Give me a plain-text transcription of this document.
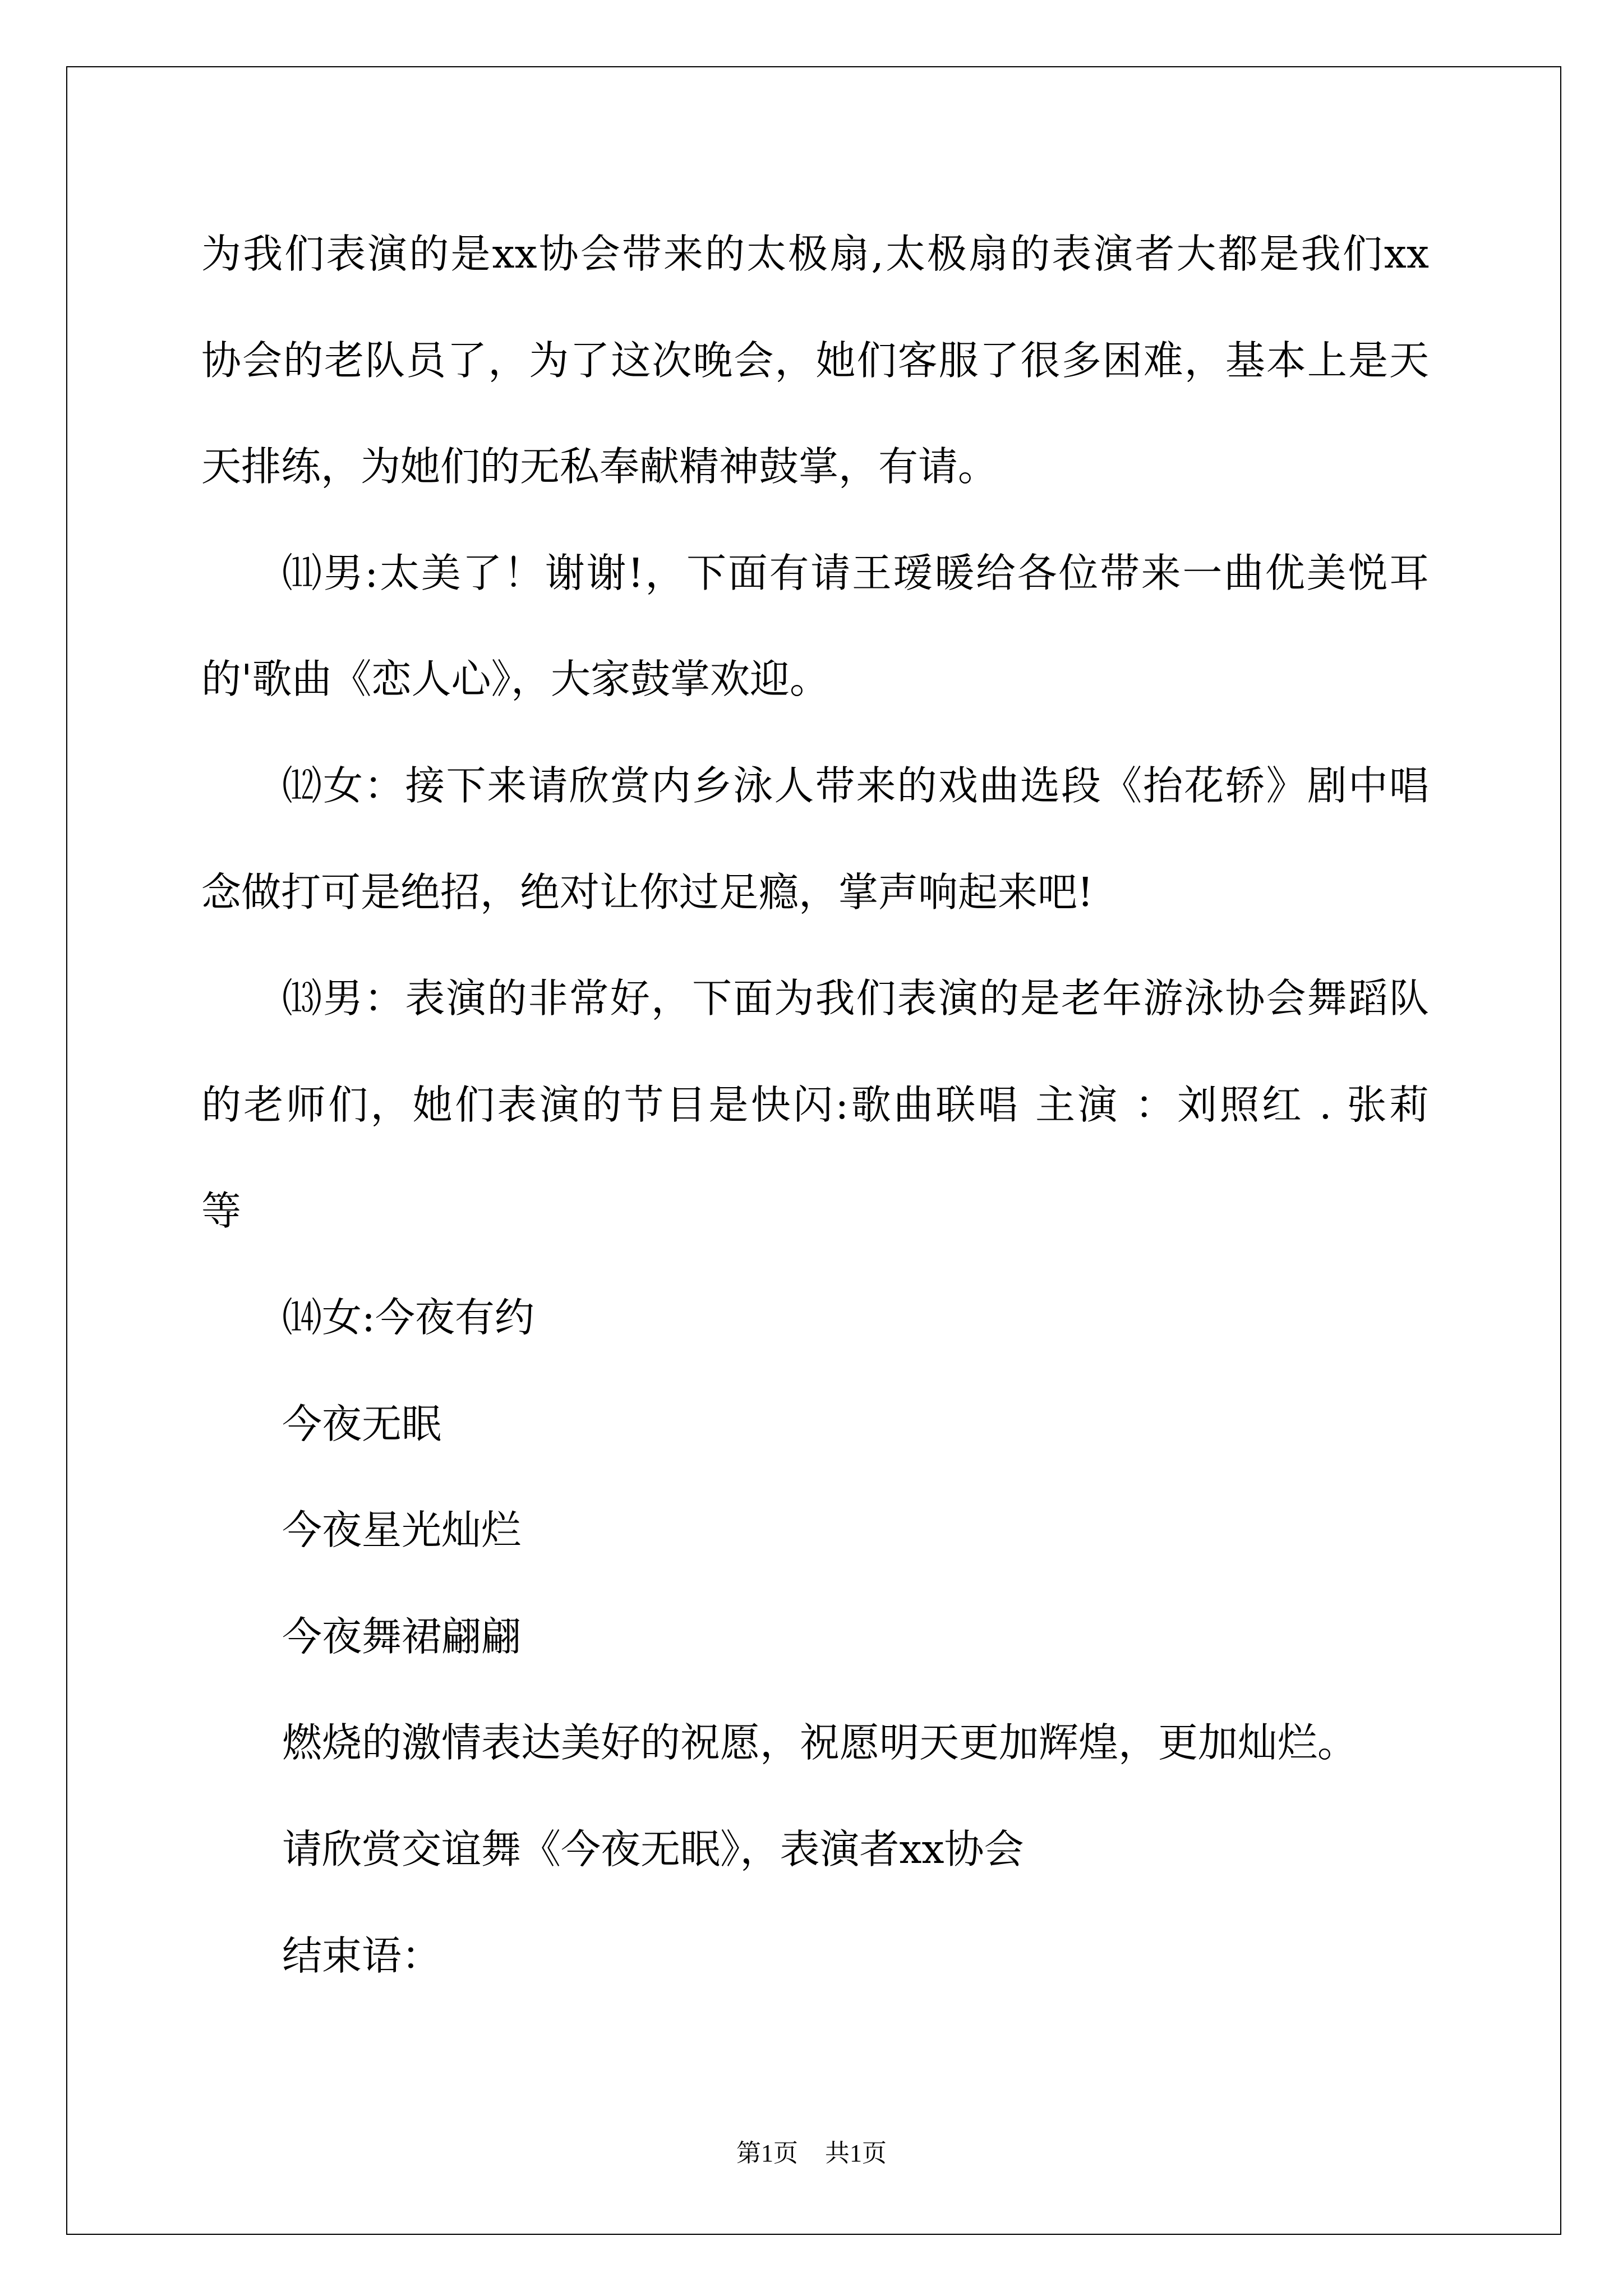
为我们表演的是xx协会带来的太极扇,太极扇的表演者大都是我们xx
协会的老队员了，为了这次晚会，她们客服了很多困难，基本上是天
天排练，为她们的无私奉献精神鼓掌，有请。
⑾男:太美了！谢谢!，下面有请王瑷暖给各位带来一曲优美悦耳
的'歌曲《恋人心》，大家鼓掌欢迎。
⑿女：接下来请欣赏内乡泳人带来的戏曲选段《抬花轿》剧中唱
念做打可是绝招，绝对让你过足瘾，掌声响起来吧!
⒀男：表演的非常好，下面为我们表演的是老年游泳协会舞蹈队
的老师们，她们表演的节目是快闪:歌曲联唱 主演 ：刘照红 . 张莉
等
⒁女:今夜有约
今夜无眠
今夜星光灿烂
今夜舞裙翩翩
燃烧的激情表达美好的祝愿，祝愿明天更加辉煌，更加灿烂。
请欣赏交谊舞《今夜无眠》，表演者xx协会
结束语：
第1页 共1页
